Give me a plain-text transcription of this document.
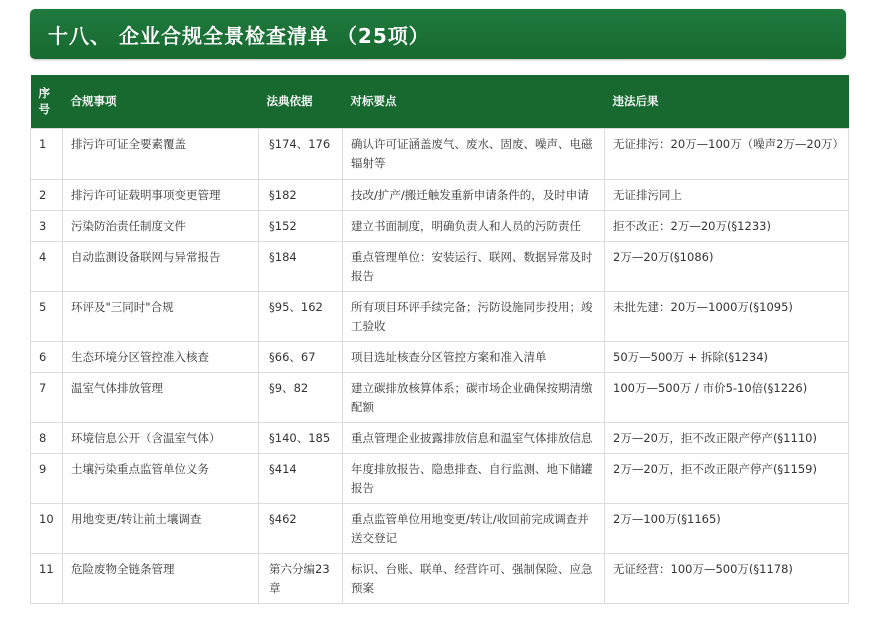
十八、 企业合规全景检查清单 （25项）
序号	合规事项	法典依据	对标要点	违法后果
1	排污许可证全要素覆盖	§174、176	确认许可证涵盖废气、废水、固废、噪声、电磁辐射等	无证排污：20万—100万（噪声2万—20万）
2	排污许可证载明事项变更管理	§182	技改/扩产/搬迁触发重新申请条件的，及时申请	无证排污同上
3	污染防治责任制度文件	§152	建立书面制度，明确负责人和人员的污防责任	拒不改正：2万—20万(§1233)
4	自动监测设备联网与异常报告	§184	重点管理单位：安装运行、联网、数据异常及时报告	2万—20万(§1086)
5	环评及"三同时"合规	§95、162	所有项目环评手续完备；污防设施同步投用；竣工验收	未批先建：20万—1000万(§1095)
6	生态环境分区管控准入核查	§66、67	项目选址核查分区管控方案和准入清单	50万—500万 + 拆除(§1234)
7	温室气体排放管理	§9、82	建立碳排放核算体系；碳市场企业确保按期清缴配额	100万—500万 / 市价5-10倍(§1226)
8	环境信息公开（含温室气体）	§140、185	重点管理企业披露排放信息和温室气体排放信息	2万—20万，拒不改正限产停产(§1110)
9	土壤污染重点监管单位义务	§414	年度排放报告、隐患排查、自行监测、地下储罐报告	2万—20万，拒不改正限产停产(§1159)
10	用地变更/转让前土壤调查	§462	重点监管单位用地变更/转让/收回前完成调查并送交登记	2万—100万(§1165)
11	危险废物全链条管理	第六分编23章	标识、台账、联单、经营许可、强制保险、应急预案	无证经营：100万—500万(§1178)
